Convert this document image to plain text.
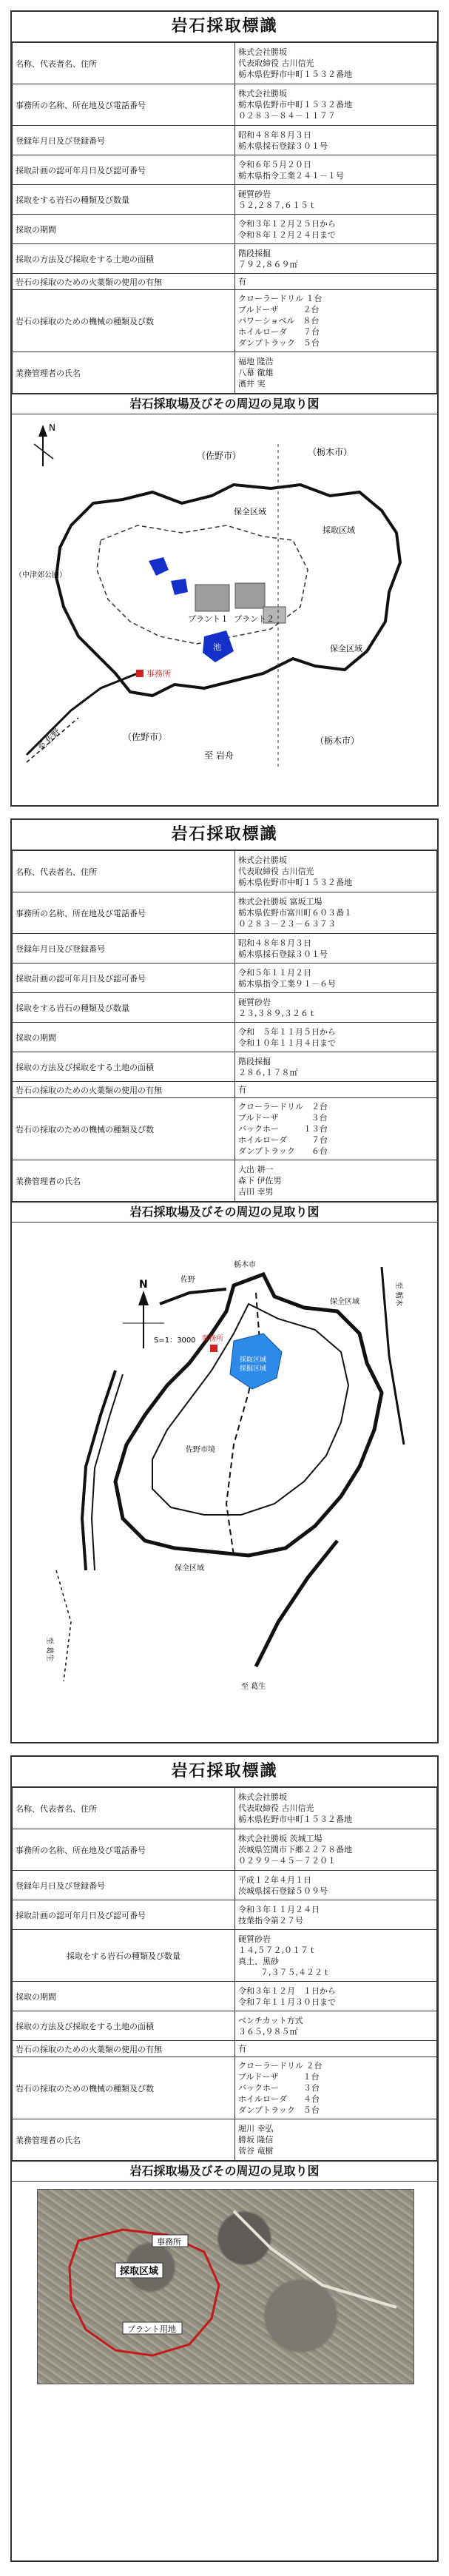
岩石採取標識
名称、代表者名、住所	株式会社勝坂
代表取締役 古川信光
栃木県佐野市中町１５３２番地

事務所の名称、所在地及び電話番号	株式会社勝坂
栃木県佐野市中町１５３２番地
０２８３－８４－１１７７

登録年月日及び登録番号	昭和４８年８月３日
栃木県採石登録３０１号

採取計画の認可年月日及び認可番号	令和６年５月２０日
栃木県指令工業２４１－１号

採取をする岩石の種類及び数量	硬質砂岩
５２,２８７,６１５ｔ

採取の期間	令和３年１２月２５日から
令和８年１２月２４日まで

採取の方法及び採取をする土地の面積	階段採掘
７９２,８６９㎡

岩石の採取のための火薬類の使用の有無	有

岩石の採取のための機械の種類及び数	クローラードリル １台
ブルドーザ　　　２台
パワーショベル　８台
ホイルローダ　　７台
ダンプトラック　５台

業務管理者の氏名	福地 隆浩
八幕 徹雄
濱井 実
岩石採取場及びその周辺の見取り図
N
（佐野市）	（栃木市）
保全区域
採取区域
プラント１ プラント２
池
事務所
（中津郊公園）
保全区域
（佐野市）	（栃木市）
至 岩舟
至 佐野
岩石採取標識
名称、代表者名、住所	株式会社勝坂
代表取締役 古川信光
栃木県佐野市中町１５３２番地

事務所の名称、所在地及び電話番号	株式会社勝坂 富坂工場
栃木県佐野市富川町６０３番１
０２８３－２３－６３７３

登録年月日及び登録番号	昭和４８年８月３日
栃木県採石登録３０１号

採取計画の認可年月日及び認可番号	令和５年１１月２日
栃木県指令工業９１－６号

採取をする岩石の種類及び数量	硬質砂岩
２３,３８９,３２６ｔ

採取の期間	令和　５年１１月５日から
令和１０年１１月４日まで

採取の方法及び採取をする土地の面積	階段採掘
２８６,１７８㎡

岩石の採取のための火薬類の使用の有無	有

岩石の採取のための機械の種類及び数	クローラードリル　２台
ブルドーザ　　　　３台
バックホー　　　１３台
ホイルローダ　　　７台
ダンプトラック　　６台

業務管理者の氏名	大出 耕一
森下 伊佐男
吉田 幸男
岩石採取場及びその周辺の見取り図
N
S=1：3000
採取区域
採掘区域
事務所
栃木市
佐野
保全区域
佐野市境
保全区域
至 葛生
至 栃木
至 葛生
岩石採取標識
名称、代表者名、住所	株式会社勝坂
代表取締役 古川信光
栃木県佐野市中町１５３２番地

事務所の名称、所在地及び電話番号	株式会社勝坂 茨城工場
茨城県笠間市下郷２２７８番地
０２９９－４５－７２０１

登録年月日及び登録番号	平成１２年４月１日
茨城県採石登録５０９号

採取計画の認可年月日及び認可番号	令和３年１１月２４日
技業指令第２７号

採取をする岩石の種類及び数量	硬質砂岩
１４,５７２,０１７ｔ
真土、黒砂
７,３７５,４２２ｔ

採取の期間	令和３年１２月　１日から
令和７年１１月３０日まで

採取の方法及び採取をする土地の面積	ベンチカット方式
３６５,９８５㎡

岩石の採取のための火薬類の使用の有無	有

岩石の採取のための機械の種類及び数	クローラードリル ２台
ブルドーザ　　　１台
バックホー　　　３台
ホイルローダ　　４台
ダンプトラック　５台

業務管理者の氏名	堀川 幸弘
勝坂 隆信
菅谷 竜樹
岩石採取場及びその周辺の見取り図
採取区域
事務所
プラント用地
